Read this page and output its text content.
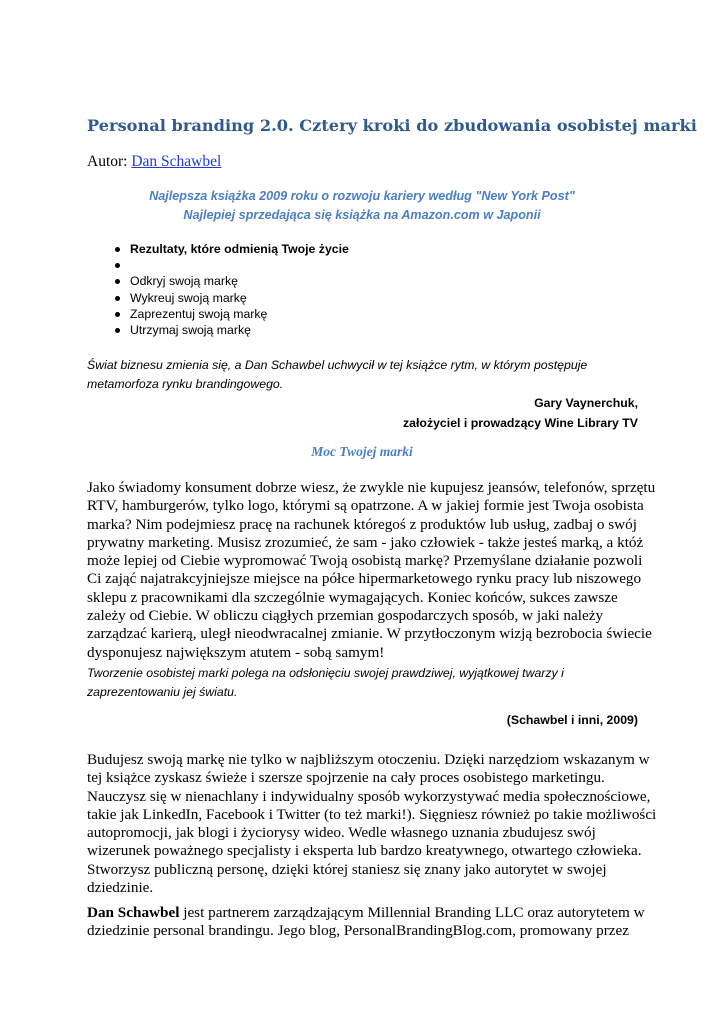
Personal branding 2.0. Cztery kroki do zbudowania osobistej marki
Autor: Dan Schawbel
Najlepsza książka 2009 roku o rozwoju kariery według "New York Post"
Najlepiej sprzedająca się książka na Amazon.com w Japonii
Rezultaty, które odmienią Twoje życie
Odkryj swoją markę
Wykreuj swoją markę
Zaprezentuj swoją markę
Utrzymaj swoją markę
Świat biznesu zmienia się, a Dan Schawbel uchwycił w tej książce rytm, w którym postępuje
metamorfoza rynku brandingowego.
Gary Vaynerchuk,
założyciel i prowadzący Wine Library TV
Moc Twojej marki
Jako świadomy konsument dobrze wiesz, że zwykle nie kupujesz jeansów, telefonów, sprzętu
RTV, hamburgerów, tylko logo, którymi są opatrzone. A w jakiej formie jest Twoja osobista
marka? Nim podejmiesz pracę na rachunek któregoś z produktów lub usług, zadbaj o swój
prywatny marketing. Musisz zrozumieć, że sam - jako człowiek - także jesteś marką, a któż
może lepiej od Ciebie wypromować Twoją osobistą markę? Przemyślane działanie pozwoli
Ci zająć najatrakcyjniejsze miejsce na półce hipermarketowego rynku pracy lub niszowego
sklepu z pracownikami dla szczególnie wymagających. Koniec końców, sukces zawsze
zależy od Ciebie. W obliczu ciągłych przemian gospodarczych sposób, w jaki należy
zarządzać karierą, uległ nieodwracalnej zmianie. W przytłoczonym wizją bezrobocia świecie
dysponujesz największym atutem - sobą samym!
Tworzenie osobistej marki polega na odsłonięciu swojej prawdziwej, wyjątkowej twarzy i
zaprezentowaniu jej światu.
(Schawbel i inni, 2009)
Budujesz swoją markę nie tylko w najbliższym otoczeniu. Dzięki narzędziom wskazanym w
tej książce zyskasz świeże i szersze spojrzenie na cały proces osobistego marketingu.
Nauczysz się w nienachlany i indywidualny sposób wykorzystywać media społecznościowe,
takie jak LinkedIn, Facebook i Twitter (to też marki!). Sięgniesz również po takie możliwości
autopromocji, jak blogi i życiorysy wideo. Wedle własnego uznania zbudujesz swój
wizerunek poważnego specjalisty i eksperta lub bardzo kreatywnego, otwartego człowieka.
Stworzysz publiczną personę, dzięki której staniesz się znany jako autorytet w swojej
dziedzinie.
Dan Schawbel jest partnerem zarządzającym Millennial Branding LLC oraz autorytetem w
dziedzinie personal brandingu. Jego blog, PersonalBrandingBlog.com, promowany przez
